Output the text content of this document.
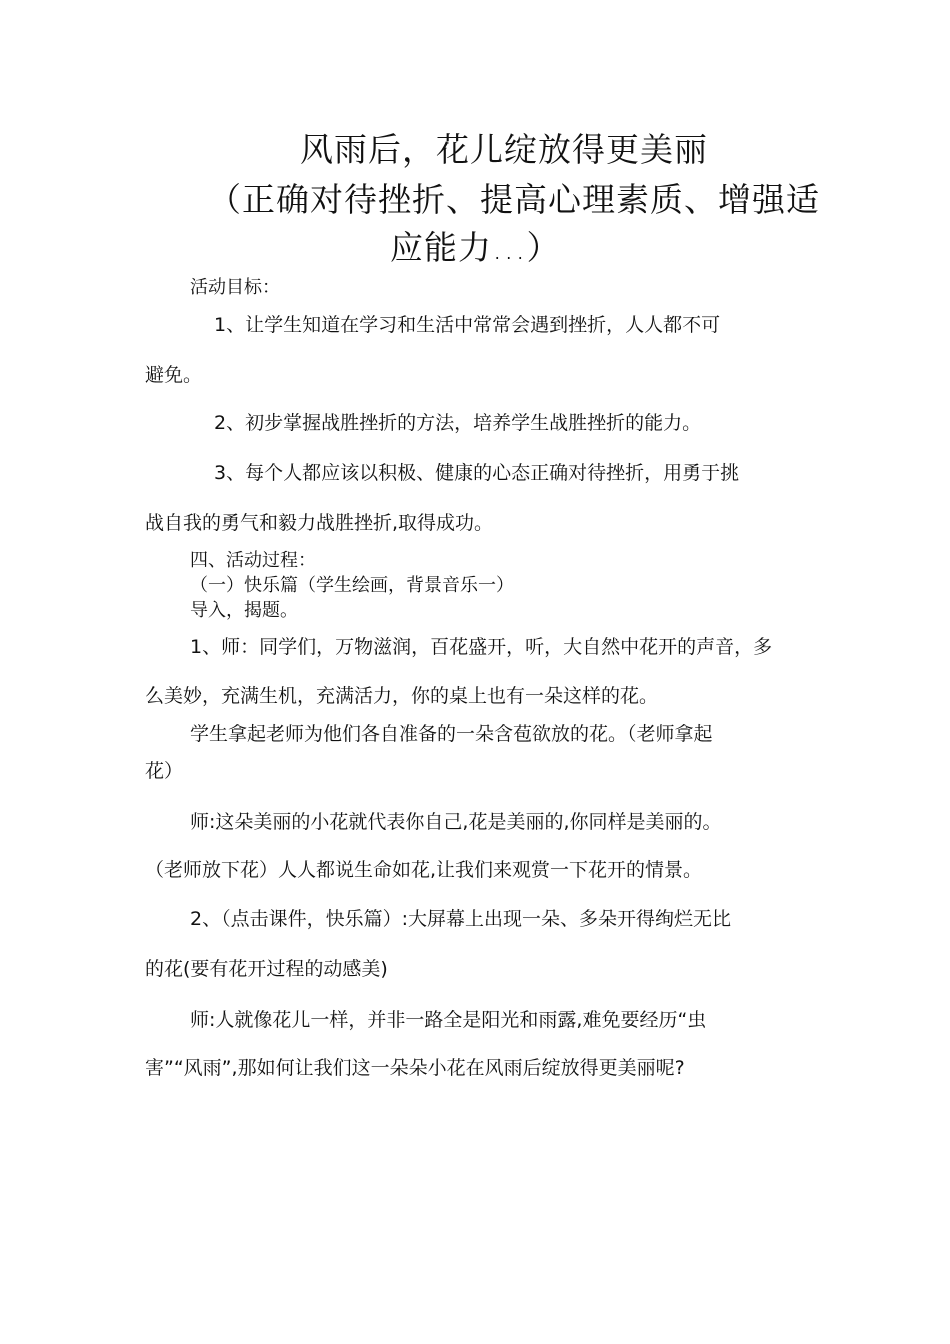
风雨后，花儿绽放得更美丽
（正确对待挫折、提高心理素质、增强适
应能力...）
活动目标：
1、让学生知道在学习和生活中常常会遇到挫折，人人都不可
避免。
2、初步掌握战胜挫折的方法，培养学生战胜挫折的能力。
3、每个人都应该以积极、健康的心态正确对待挫折，用勇于挑
战自我的勇气和毅力战胜挫折,取得成功。
四、活动过程：
（一）快乐篇（学生绘画，背景音乐一）
导入，揭题。
1、师：同学们，万物滋润，百花盛开，听，大自然中花开的声音，多
么美妙，充满生机，充满活力，你的桌上也有一朵这样的花。
学生拿起老师为他们各自准备的一朵含苞欲放的花。（老师拿起
花）
师:这朵美丽的小花就代表你自己,花是美丽的,你同样是美丽的。
（老师放下花）人人都说生命如花,让我们来观赏一下花开的情景。
2、（点击课件，快乐篇）:大屏幕上出现一朵、多朵开得绚烂无比
的花(要有花开过程的动感美)
师:人就像花儿一样，并非一路全是阳光和雨露,难免要经历“虫
害”“风雨”,那如何让我们这一朵朵小花在风雨后绽放得更美丽呢?
